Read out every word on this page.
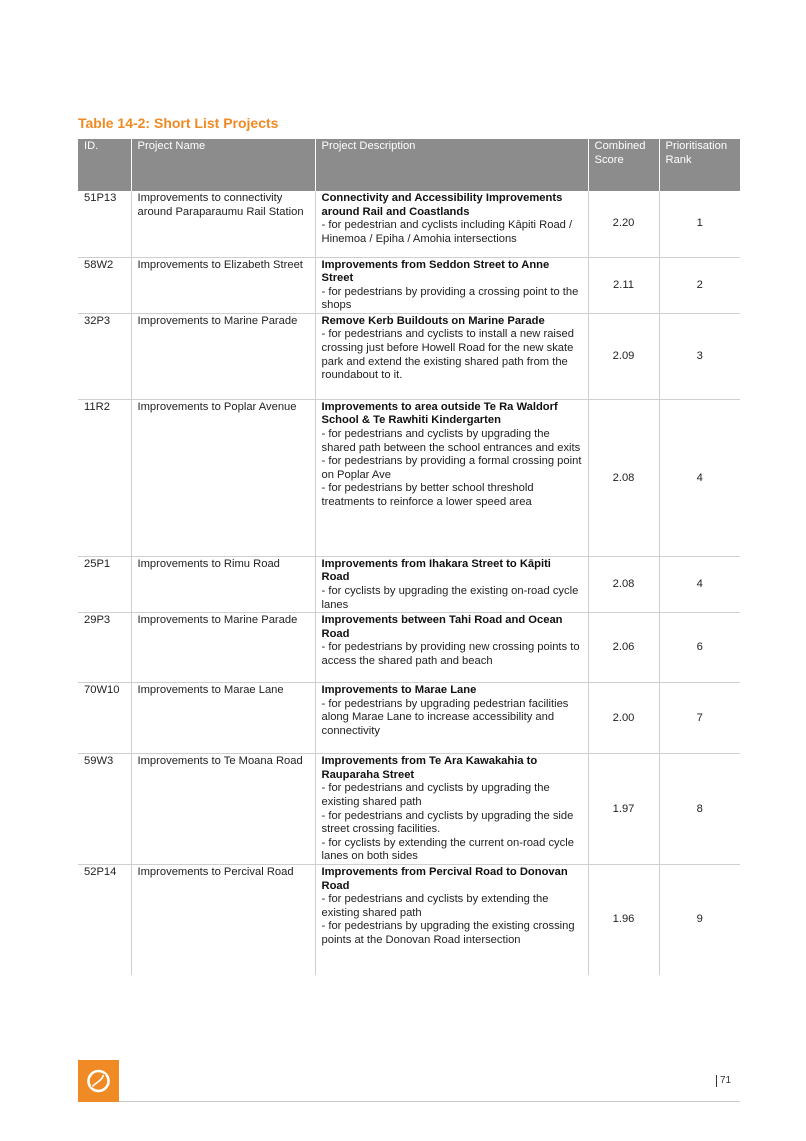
Table 14-2: Short List Projects
ID.	Project Name	Project Description	Combined Score	Prioritisation Rank
51P13	Improvements to connectivity around Paraparaumu Rail Station	Connectivity and Accessibility Improvements around Rail and Coastlands
- for pedestrian and cyclists including Kāpiti Road / Hinemoa / Epiha / Amohia intersections	2.20	1
58W2	Improvements to Elizabeth Street	Improvements from Seddon Street to Anne Street
- for pedestrians by providing a crossing point to the shops	2.11	2
32P3	Improvements to Marine Parade	Remove Kerb Buildouts on Marine Parade
- for pedestrians and cyclists to install a new raised crossing just before Howell Road for the new skate park and extend the existing shared path from the roundabout to it.	2.09	3
11R2	Improvements to Poplar Avenue	Improvements to area outside Te Ra Waldorf School & Te Rawhiti Kindergarten
- for pedestrians and cyclists by upgrading the shared path between the school entrances and exits
- for pedestrians by providing a formal crossing point on Poplar Ave
- for pedestrians by better school threshold treatments to reinforce a lower speed area	2.08	4
25P1	Improvements to Rimu Road	Improvements from Ihakara Street to Kāpiti Road
- for cyclists by upgrading the existing on-road cycle lanes	2.08	4
29P3	Improvements to Marine Parade	Improvements between Tahi Road and Ocean Road
- for pedestrians by providing new crossing points to access the shared path and beach	2.06	6
70W10	Improvements to Marae Lane	Improvements to Marae Lane
- for pedestrians by upgrading pedestrian facilities along Marae Lane to increase accessibility and connectivity	2.00	7
59W3	Improvements to Te Moana Road	Improvements from Te Ara Kawakahia to Rauparaha Street
- for pedestrians and cyclists by upgrading the existing shared path
- for pedestrians and cyclists by upgrading the side street crossing facilities.
- for cyclists by extending the current on-road cycle lanes on both sides	1.97	8
52P14	Improvements to Percival Road	Improvements from Percival Road to Donovan Road
- for pedestrians and cyclists by extending the existing shared path
- for pedestrians by upgrading the existing crossing points at the Donovan Road intersection	1.96	9
71
